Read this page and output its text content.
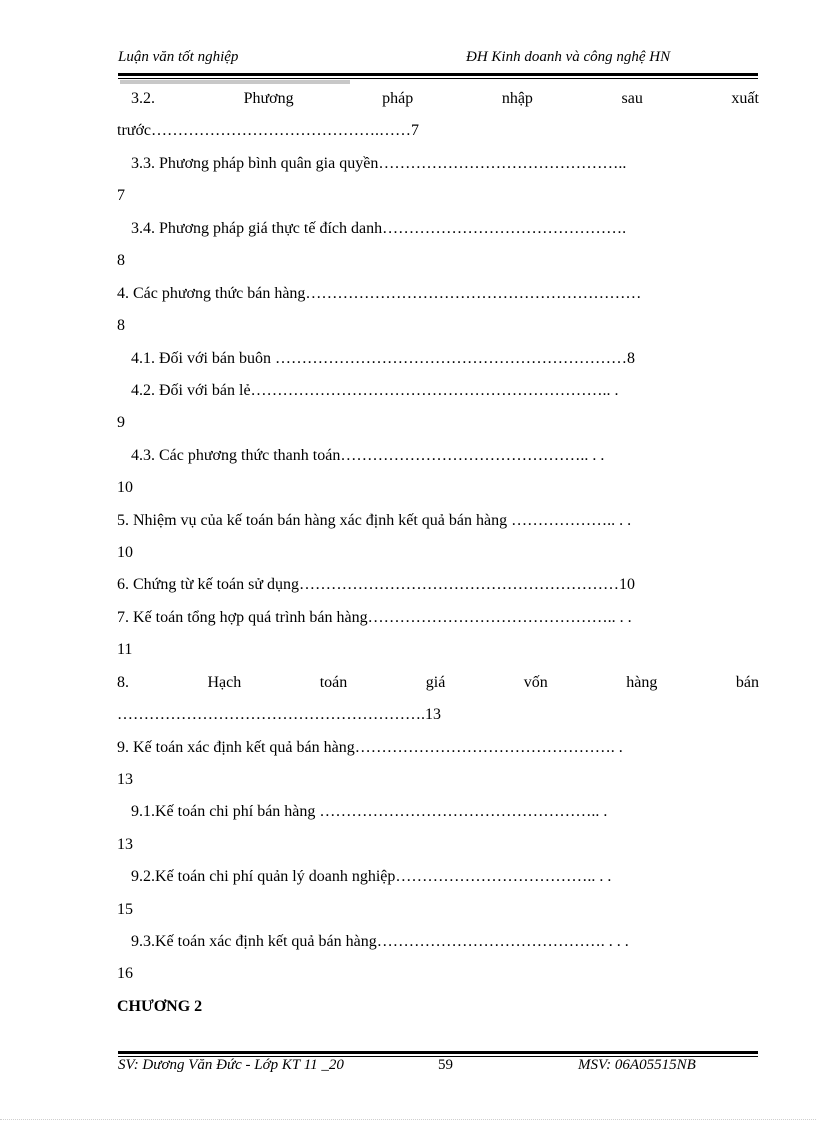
Luận văn tốt nghiệp	ĐH Kinh doanh và công nghệ HN
3.2.	Phương	pháp	nhập	sau	xuất
trước…………………………………….……7
3.3. Phương pháp bình quân gia quyền………………………………………..
7
3.4. Phương pháp giá thực tế đích danh……………………………………….
8
4. Các phương thức bán hàng………………………………………………………
8
4.1. Đối với bán buôn …………………………………………………………8
4.2. Đối với bán lẻ………………………………………………………….. .
9
4.3. Các phương thức thanh toán……………………………………….. . .
10
5. Nhiệm vụ của kế toán bán hàng xác định kết quả bán hàng ……………….. . .
10
6. Chứng từ kế toán sử dụng……………………………………………………10
7. Kế toán tổng hợp quá trình bán hàng……………………………………….. . .
11
8.	Hạch	toán	giá	vốn	hàng	bán
………………………………………………….13
9. Kế toán xác định kết quả bán hàng…………………………………………. .
13
9.1.Kế toán chi phí bán hàng …………………………………………….. .
13
9.2.Kế toán chi phí quản lý doanh nghiệp……………………………….. . .
15
9.3.Kế toán xác định kết quả bán hàng……………………………………. . . .
16
CHƯƠNG 2
SV: Dương Văn Đức - Lớp KT 11 _20	59	MSV: 06A05515NB
